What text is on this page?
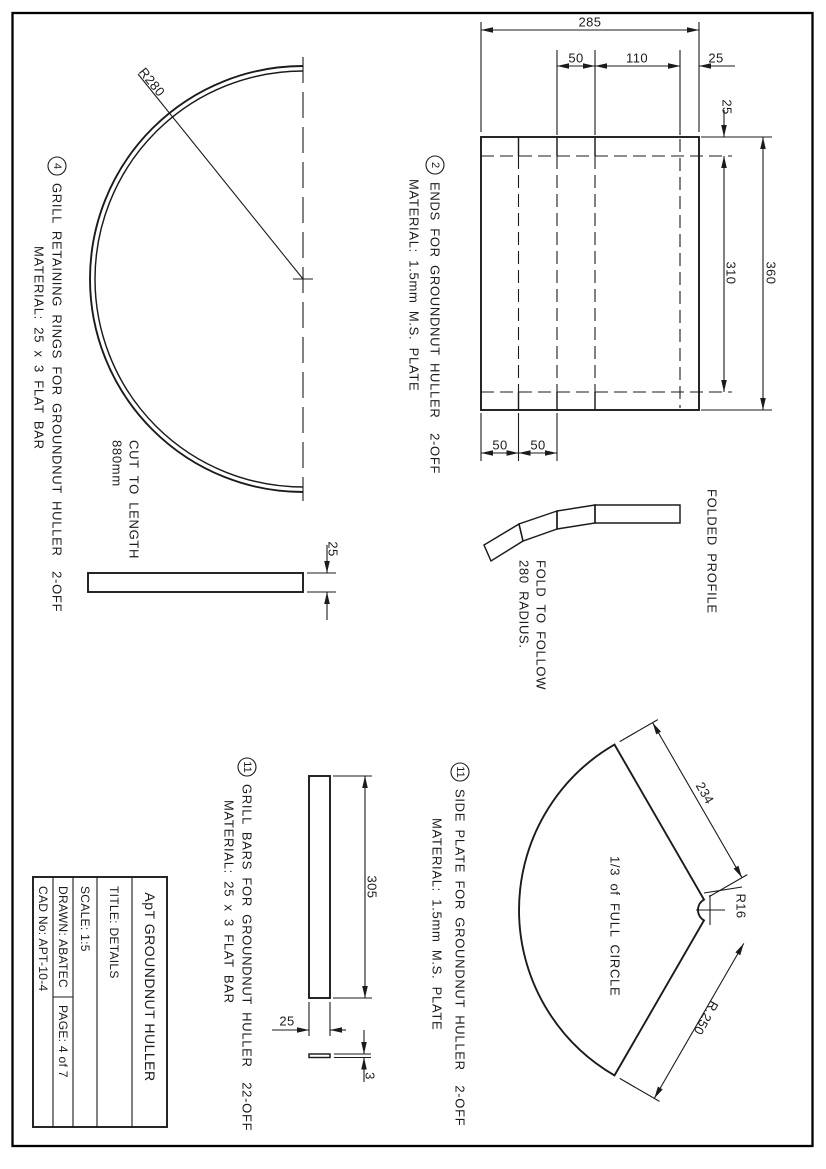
285
50	110	25
25
310 360
50 50
2
ENDS FOR GROUNDNUT HULLER  2-OFF
MATERIAL: 1.5mm M.S. PLATE
FOLDED PROFILE
FOLD TO FOLLOW
280 RADIUS.
R280
4
GRILL RETAINING RINGS FOR GROUNDNUT HULLER  2-OFF
MATERIAL: 25 x 3 FLAT BAR
CUT TO LENGTH
880mm
25
234
R.250
R16
1/3 of FULL CIRCLE
11
SIDE PLATE FOR GROUNDNUT HULLER  2-OFF
MATERIAL: 1.5mm M.S. PLATE
305
25
3
11
GRILL BARS FOR GROUNDNUT HULLER  22-OFF
MATERIAL: 25 x 3 FLAT BAR
ApT GROUNDNUT HULLER
TITLE: DETAILS
SCALE: 1:5
DRAWN: ABATEC
PAGE: 4 of 7
CAD No: APT-10-4
